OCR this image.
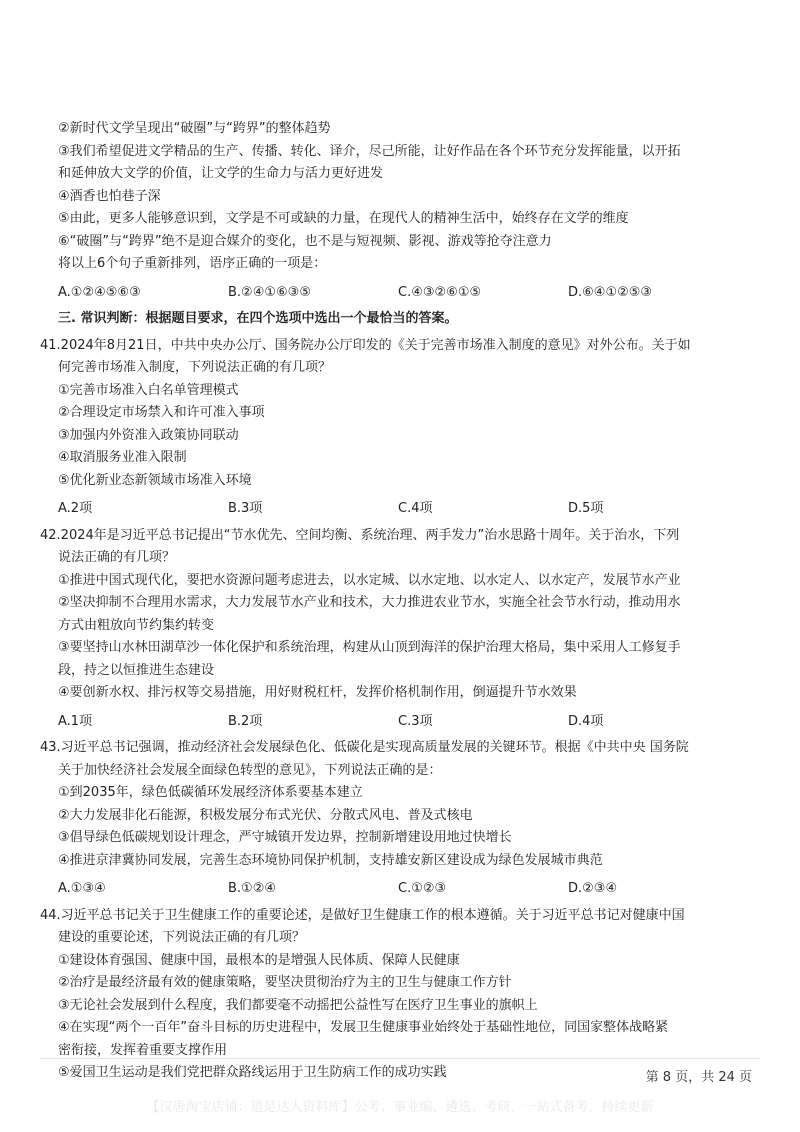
②新时代文学呈现出“破圈”与“跨界”的整体趋势
③我们希望促进文学精品的生产、传播、转化、译介，尽己所能，让好作品在各个环节充分发挥能量，以开拓
和延伸放大文学的价值，让文学的生命力与活力更好进发
④酒香也怕巷子深
⑤由此，更多人能够意识到，文学是不可或缺的力量，在现代人的精神生活中，始终存在文学的维度
⑥“破圈”与“跨界”绝不是迎合媒介的变化，也不是与短视频、影视、游戏等抢夺注意力
将以上6个句子重新排列，语序正确的一项是：
A.①②④⑤⑥③	B.②④①⑥③⑤	C.④③②⑥①⑤	D.⑥④①②⑤③
三. 常识判断：根据题目要求，在四个选项中选出一个最恰当的答案。
41.2024年8月21日，中共中央办公厅、国务院办公厅印发的《关于完善市场准入制度的意见》对外公布。关于如
何完善市场准入制度，下列说法正确的有几项？
①完善市场准入白名单管理模式
②合理设定市场禁入和许可准入事项
③加强内外资准入政策协同联动
④取消服务业准入限制
⑤优化新业态新领域市场准入环境
A.2项	B.3项	C.4项	D.5项
42.2024年是习近平总书记提出“节水优先、空间均衡、系统治理、两手发力”治水思路十周年。关于治水，下列
说法正确的有几项？
①推进中国式现代化，要把水资源问题考虑进去，以水定城、以水定地、以水定人、以水定产，发展节水产业
②坚决抑制不合理用水需求，大力发展节水产业和技术，大力推进农业节水，实施全社会节水行动，推动用水
方式由粗放向节约集约转变
③要坚持山水林田湖草沙一体化保护和系统治理，构建从山顶到海洋的保护治理大格局，集中采用人工修复手
段，持之以恒推进生态建设
④要创新水权、排污权等交易措施，用好财税杠杆，发挥价格机制作用，倒逼提升节水效果
A.1项	B.2项	C.3项	D.4项
43.习近平总书记强调，推动经济社会发展绿色化、低碳化是实现高质量发展的关键环节。根据《中共中央 国务院
关于加快经济社会发展全面绿色转型的意见》，下列说法正确的是：
①到2035年，绿色低碳循环发展经济体系要基本建立
②大力发展非化石能源，积极发展分布式光伏、分散式风电、普及式核电
③倡导绿色低碳规划设计理念，严守城镇开发边界，控制新增建设用地过快增长
④推进京津冀协同发展，完善生态环境协同保护机制，支持雄安新区建设成为绿色发展城市典范
A.①③④	B.①②④	C.①②③	D.②③④
44.习近平总书记关于卫生健康工作的重要论述，是做好卫生健康工作的根本遵循。关于习近平总书记对健康中国
建设的重要论述，下列说法正确的有几项？
①建设体育强国、健康中国，最根本的是增强人民体质、保障人民健康
②治疗是最经济最有效的健康策略，要坚决贯彻治疗为主的卫生与健康工作方针
③无论社会发展到什么程度，我们都要毫不动摇把公益性写在医疗卫生事业的旗帜上
④在实现“两个一百年”奋斗目标的历史进程中，发展卫生健康事业始终处于基础性地位，同国家整体战略紧
密衔接，发挥着重要支撑作用
⑤爱国卫生运动是我们党把群众路线运用于卫生防病工作的成功实践	第 8 页，共 24 页
【汉唐淘宝店铺：道是达人资料库】公考、事业编、遴选、考研，一站式备考，持续更新
